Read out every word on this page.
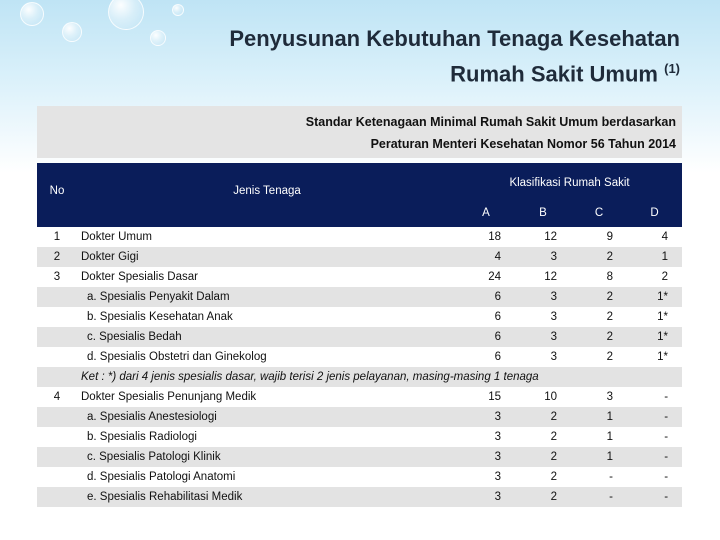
Penyusunan Kebutuhan Tenaga Kesehatan
Rumah Sakit Umum $^{(1)}$
Standar Ketenagaan Minimal Rumah Sakit Umum berdasarkan
Peraturan Menteri Kesehatan Nomor 56 Tahun 2014
No	Jenis Tenaga	Klasifikasi Rumah Sakit			
		A	B	C	D
1	Dokter Umum	18	12	9	4
2	Dokter Gigi	4	3	2	1
3	Dokter Spesialis Dasar	24	12	8	2
	a. Spesialis Penyakit Dalam	6	3	2	1*
	b. Spesialis Kesehatan Anak	6	3	2	1*
	c. Spesialis Bedah	6	3	2	1*
	d. Spesialis Obstetri dan Ginekolog	6	3	2	1*
	Ket : *) dari 4 jenis spesialis dasar, wajib terisi 2 jenis pelayanan, masing-masing 1 tenaga				
4	Dokter Spesialis Penunjang Medik	15	10	3	-
	a. Spesialis Anestesiologi	3	2	1	-
	b. Spesialis Radiologi	3	2	1	-
	c. Spesialis Patologi Klinik	3	2	1	-
	d. Spesialis Patologi Anatomi	3	2	-	-
	e. Spesialis Rehabilitasi Medik	3	2	-	-
